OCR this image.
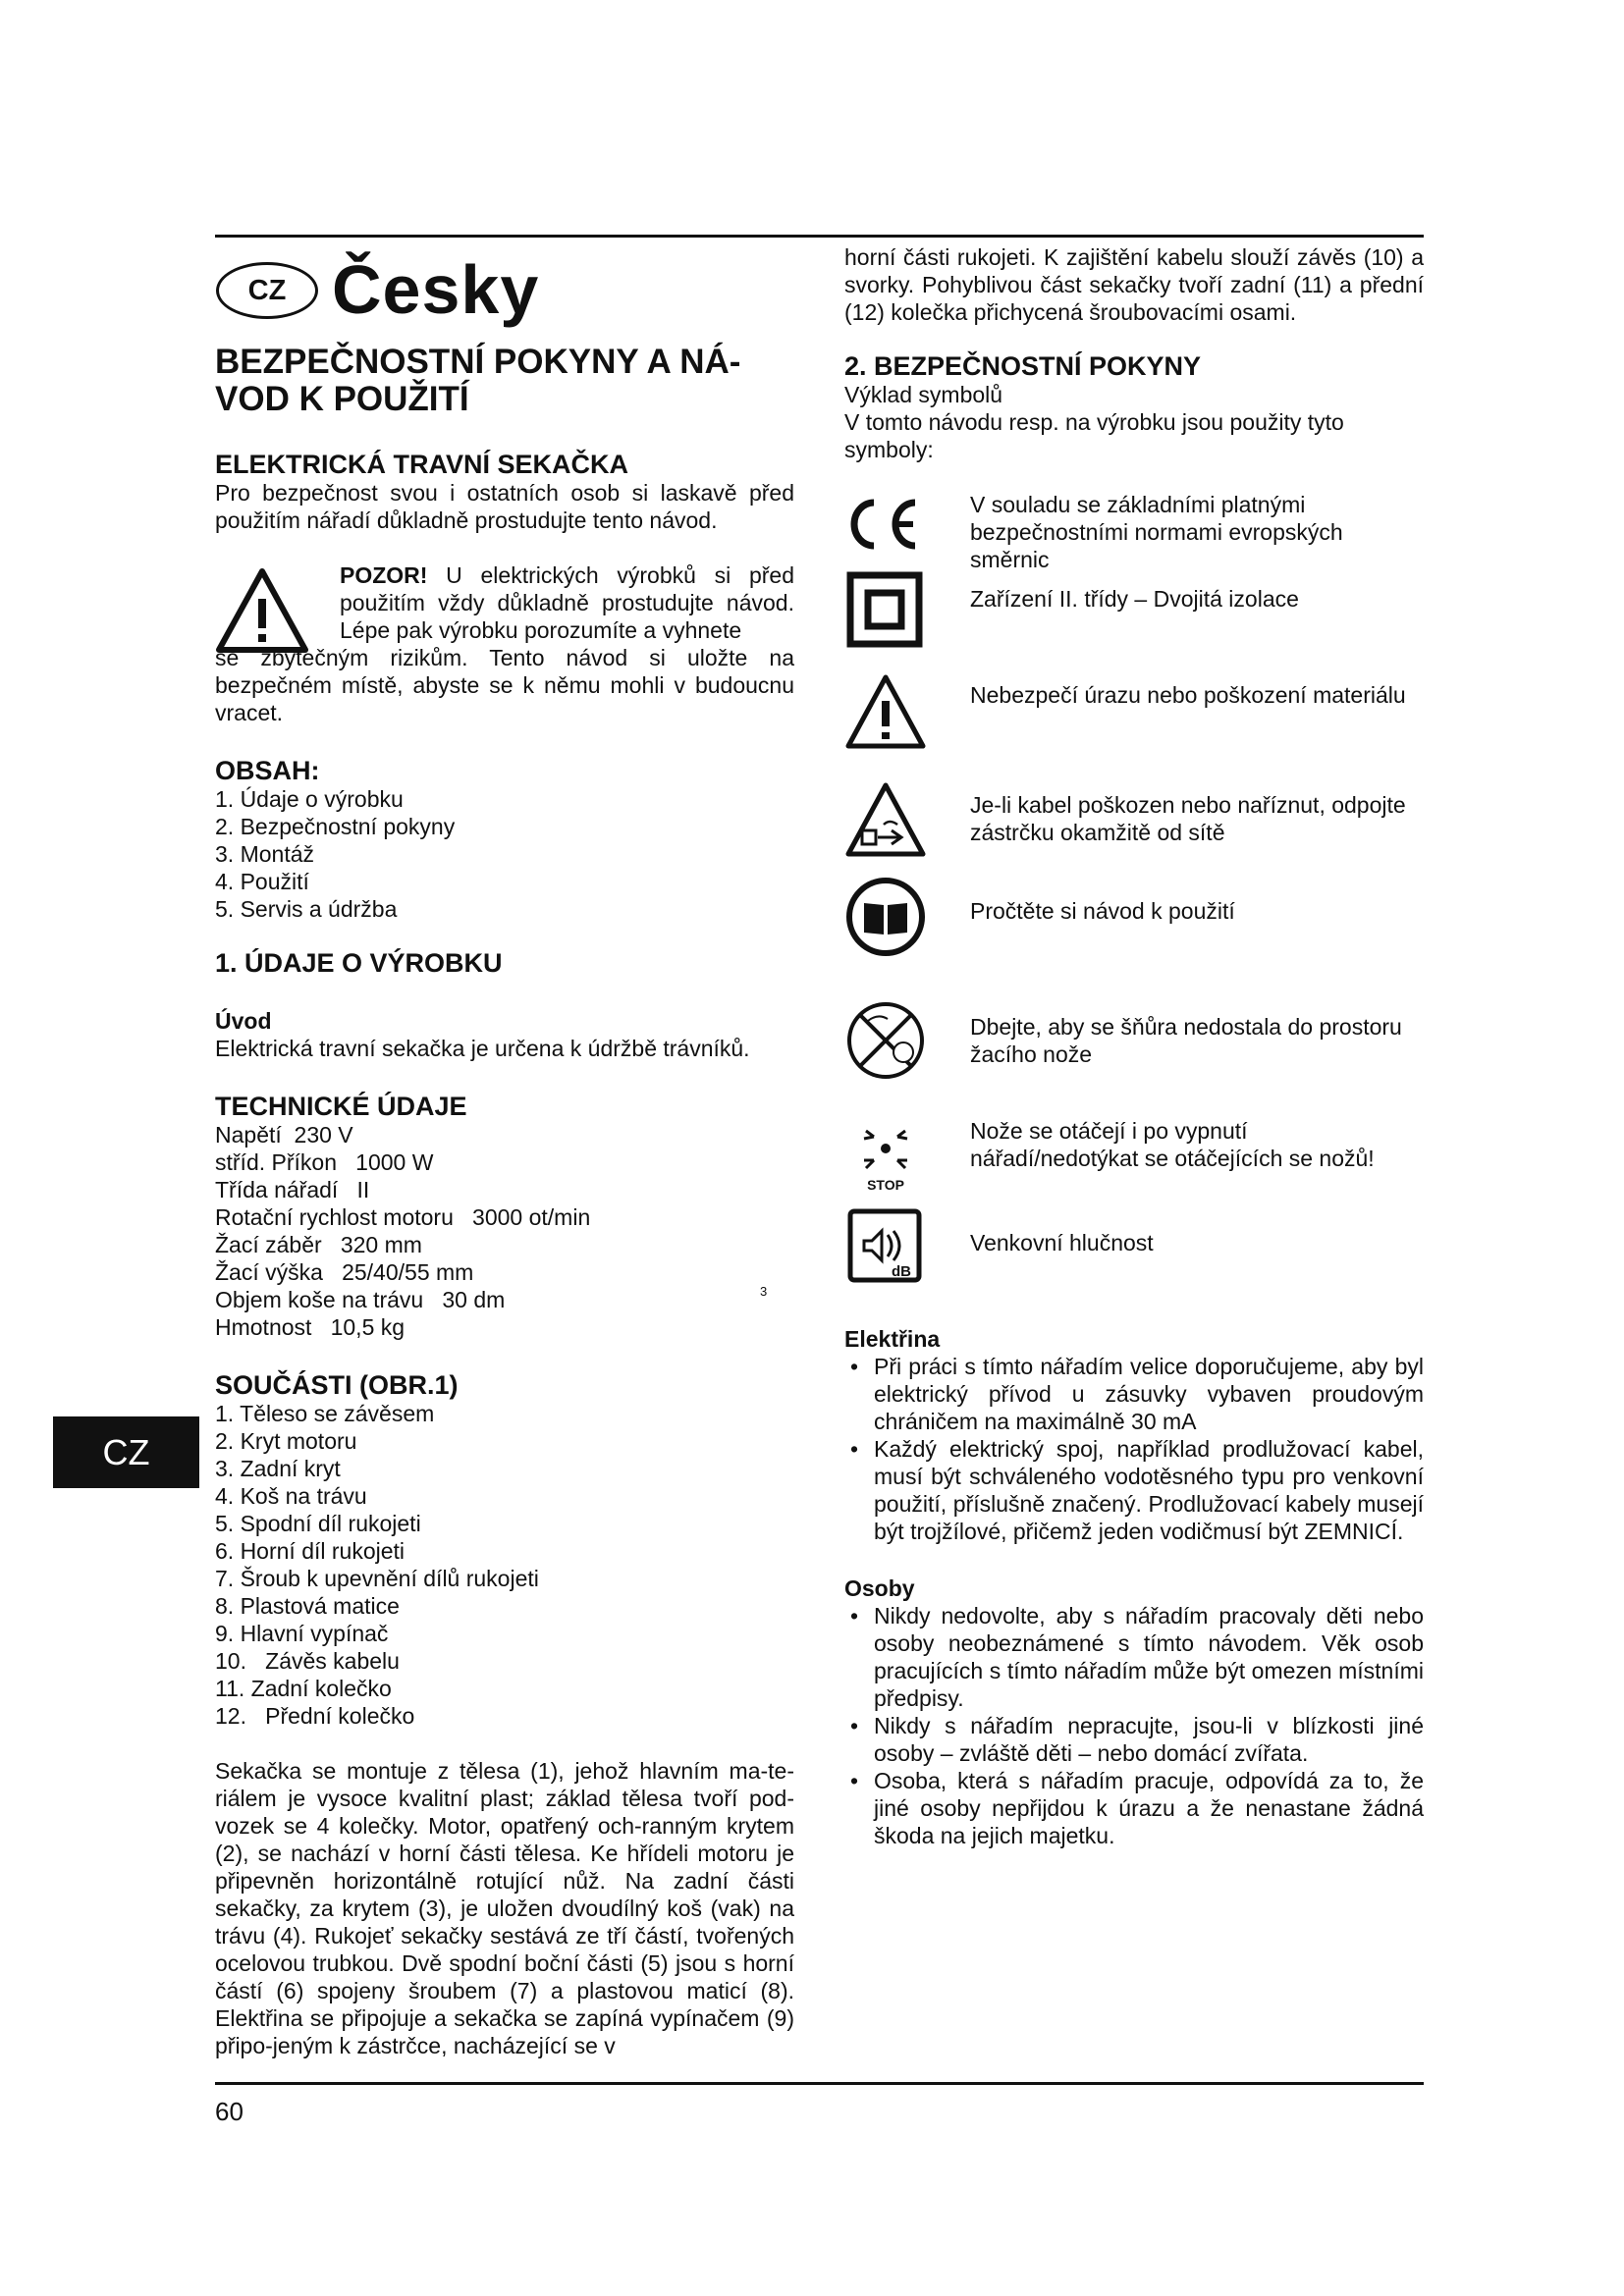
CZ
CZ Česky
BEZPEČNOSTNÍ POKYNY A NÁ-
VOD K POUŽITÍ
ELEKTRICKÁ TRAVNÍ SEKAČKA

Pro bezpečnost svou i ostatních osob si laskavě před použitím nářadí důkladně prostudujte tento návod.

POZOR! U elektrických výrobků si před použitím vždy důkladně prostudujte návod. Lépe pak výrobku porozumíte a vyhnete

se zbytečným rizikům. Tento návod si uložte na bezpečném místě, abyste se k němu mohli v budoucnu vracet.

OBSAH:

1. Údaje o výrobku

2. Bezpečnostní pokyny

3. Montáž

4. Použití

5. Servis a údržba

1. ÚDAJE O VÝROBKU
Úvod

Elektrická travní sekačka je určena k údržbě trávníků.

TECHNICKÉ ÚDAJE

Napětí  230 V

stříd. Příkon   1000 W

Třída nářadí   II

Rotační rychlost motoru   3000 ot/min

Žací záběr   320 mm

Žací výška   25/40/55 mm

Objem koše na trávu   30 dm	3

Hmotnost   10,5 kg

SOUČÁSTI (OBR.1)

1. Těleso se závěsem

2. Kryt motoru

3. Zadní kryt

4. Koš na trávu

5. Spodní díl rukojeti

6. Horní díl rukojeti

7. Šroub k upevnění dílů rukojeti

8. Plastová matice

9. Hlavní vypínač

10.   Závěs kabelu

11. Zadní kolečko

12.   Přední kolečko

Sekačka se montuje z tělesa (1), jehož hlavním ma-te-riálem je vysoce kvalitní plast; základ tělesa tvoří pod-vozek se 4 kolečky. Motor, opatřený och-ranným krytem (2), se nachází v horní části tělesa. Ke hřídeli motoru je připevněn horizontálně rotující nůž. Na zadní části sekačky, za krytem (3), je uložen dvoudílný koš (vak) na trávu (4). Rukojeť sekačky sestává ze tří částí, tvořených ocelovou trubkou. Dvě spodní boční části (5) jsou s horní částí (6) spojeny šroubem (7) a plastovou maticí (8). Elektřina se připojuje a sekačka se zapíná vypínačem (9) připo-jeným k zástrčce, nacházející se v

horní části rukojeti. K zajištění kabelu slouží závěs (10) a svorky. Pohyblivou část sekačky tvoří zadní (11) a přední (12) kolečka přichycená šroubovacími osami.

2. BEZPEČNOSTNÍ POKYNY

Výklad symbolů

V tomto návodu resp. na výrobku jsou použity tyto symboly:

V souladu se základními platnými bezpečnostními normami evropských směrnic
Zařízení II. třídy – Dvojitá izolace
Nebezpečí úrazu nebo poškození materiálu
Je-li kabel poškozen nebo naříznut, odpojte zástrčku okamžitě od sítě
Pročtěte si návod k použití
Dbejte, aby se šňůra nedostala do prostoru žacího nože
STOP
Nože se otáčejí i po vypnutí nářadí/nedotýkat se otáčejících se nožů!
dB
Venkovní hlučnost
Elektřina
• Při práci s tímto nářadím velice doporučujeme, aby byl elektrický přívod u zásuvky vybaven proudovým chráničem na maximálně 30 mA
• Každý elektrický spoj, například prodlužovací kabel, musí být schváleného vodotěsného typu pro venkovní použití, příslušně značený. Prodlužovací kabely musejí být trojžílové, přičemž jeden vodičmusí být ZEMNICÍ.
Osoby
• Nikdy nedovolte, aby s nářadím pracovaly děti nebo osoby neobeznámené s tímto návodem. Věk osob pracujících s tímto nářadím může být omezen místními předpisy.
• Nikdy s nářadím nepracujte, jsou-li v blízkosti jiné osoby – zvláště děti – nebo domácí zvířata.
• Osoba, která s nářadím pracuje, odpovídá za to, že jiné osoby nepřijdou k úrazu a že nenastane žádná škoda na jejich majetku.
60
